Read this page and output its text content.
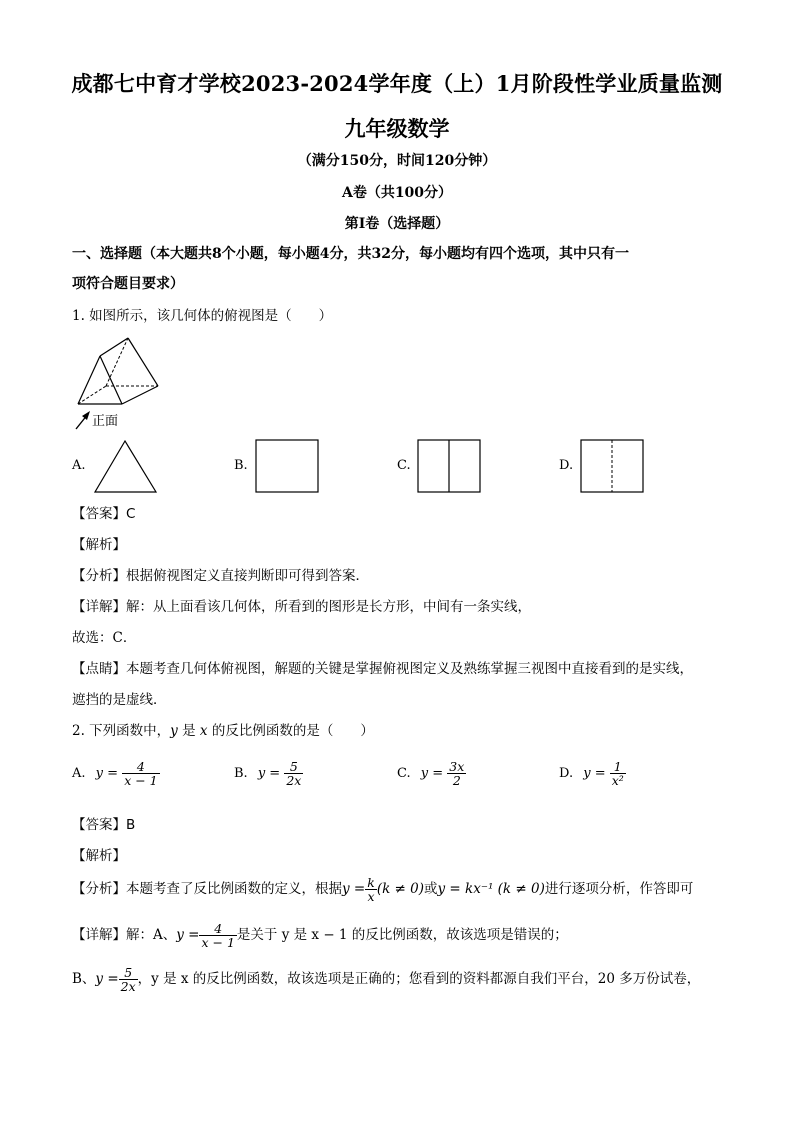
成都七中育才学校2023-2024学年度（上）1月阶段性学业质量监测
九年级数学
（满分150分，时间120分钟）
A卷（共100分）
第Ⅰ卷（选择题）
一、选择题（本大题共8个小题，每小题4分，共32分，每小题均有四个选项，其中只有一
项符合题目要求）
1. 如图所示，该几何体的俯视图是（　　）
正面
A.	B.	C.	D.
【答案】C
【解析】
【分析】根据俯视图定义直接判断即可得到答案．
【详解】解：从上面看该几何体，所看到的图形是长方形，中间有一条实线，
故选：C．
【点睛】本题考查几何体俯视图，解题的关键是掌握俯视图定义及熟练掌握三视图中直接看到的是实线，
遮挡的是虚线．
2. 下列函数中，y 是 x 的反比例函数的是（　　）
A. $y = \frac{4}{x - 1}$	B. $y = \frac{5}{2x}$	C. $y = \frac{3x}{2}$	D. $y = \frac{1}{\text{x²}}$
【答案】B
【解析】
【分析】本题考查了反比例函数的定义，根据$y = \frac{k}{x} (k \ne 0)$或y = kx⁻¹ (k ≠ 0)进行逐项分析，作答即可
【详解】解：A、$y = \frac{4}{x - 1}$ 是关于 y 是 x − 1 的反比例函数，故该选项是错误的；
B、$y = \frac{5}{2x}$ ，y 是 x 的反比例函数，故该选项是正确的；您看到的资料都源自我们平台，20 多万份试卷，
